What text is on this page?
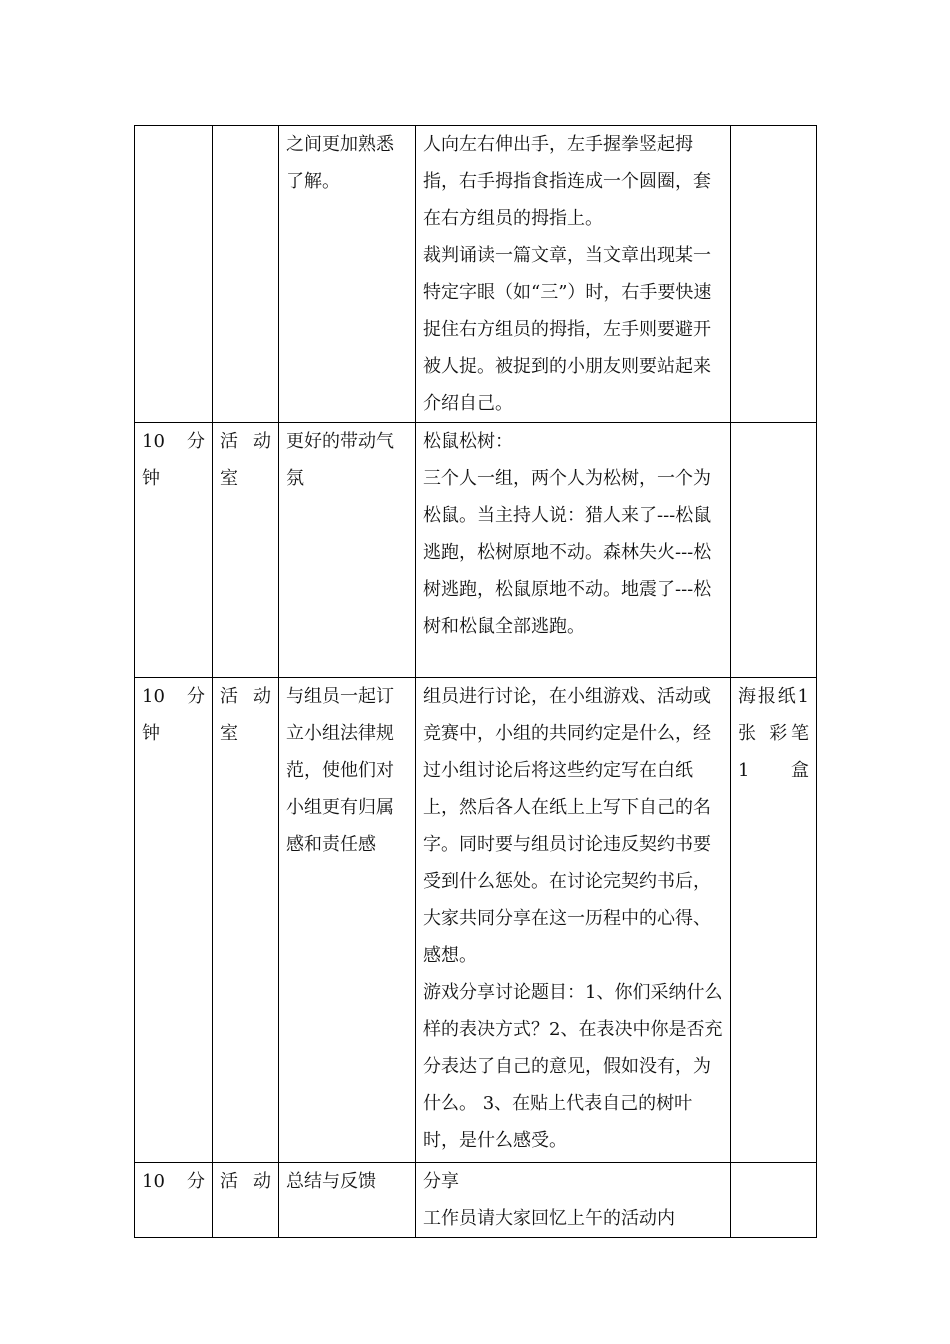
		之间更加熟悉了解。	人向左右伸出手，左手握拳竖起拇指，右手拇指食指连成一个圆圈，套在右方组员的拇指上。
裁判诵读一篇文章，当文章出现某一特定字眼（如“三”）时，右手要快速捉住右方组员的拇指，左手则要避开被人捉。被捉到的小朋友则要站起来介绍自己。	

10 分钟	活动室	更好的带动气氛	松鼠松树：
三个人一组，两个人为松树，一个为松鼠。当主持人说：猎人来了---松鼠逃跑，松树原地不动。森林失火---松树逃跑，松鼠原地不动。地震了---松树和松鼠全部逃跑。	

10 分钟	活动室	与组员一起订立小组法律规范，使他们对小组更有归属感和责任感	组员进行讨论，在小组游戏、活动或竞赛中，小组的共同约定是什么，经过小组讨论后将这些约定写在白纸上，然后各人在纸上上写下自己的名字。同时要与组员讨论违反契约书要受到什么惩处。在讨论完契约书后，大家共同分享在这一历程中的心得、感想。
游戏分享讨论题目：1、你们采纳什么样的表决方式？2、在表决中你是否充分表达了自己的意见，假如没有，为什么。 3、在贴上代表自己的树叶时，是什么感受。	海报纸1张 彩笔 1 盒

10 分	活动	总结与反馈	分享
工作员请大家回忆上午的活动内	
